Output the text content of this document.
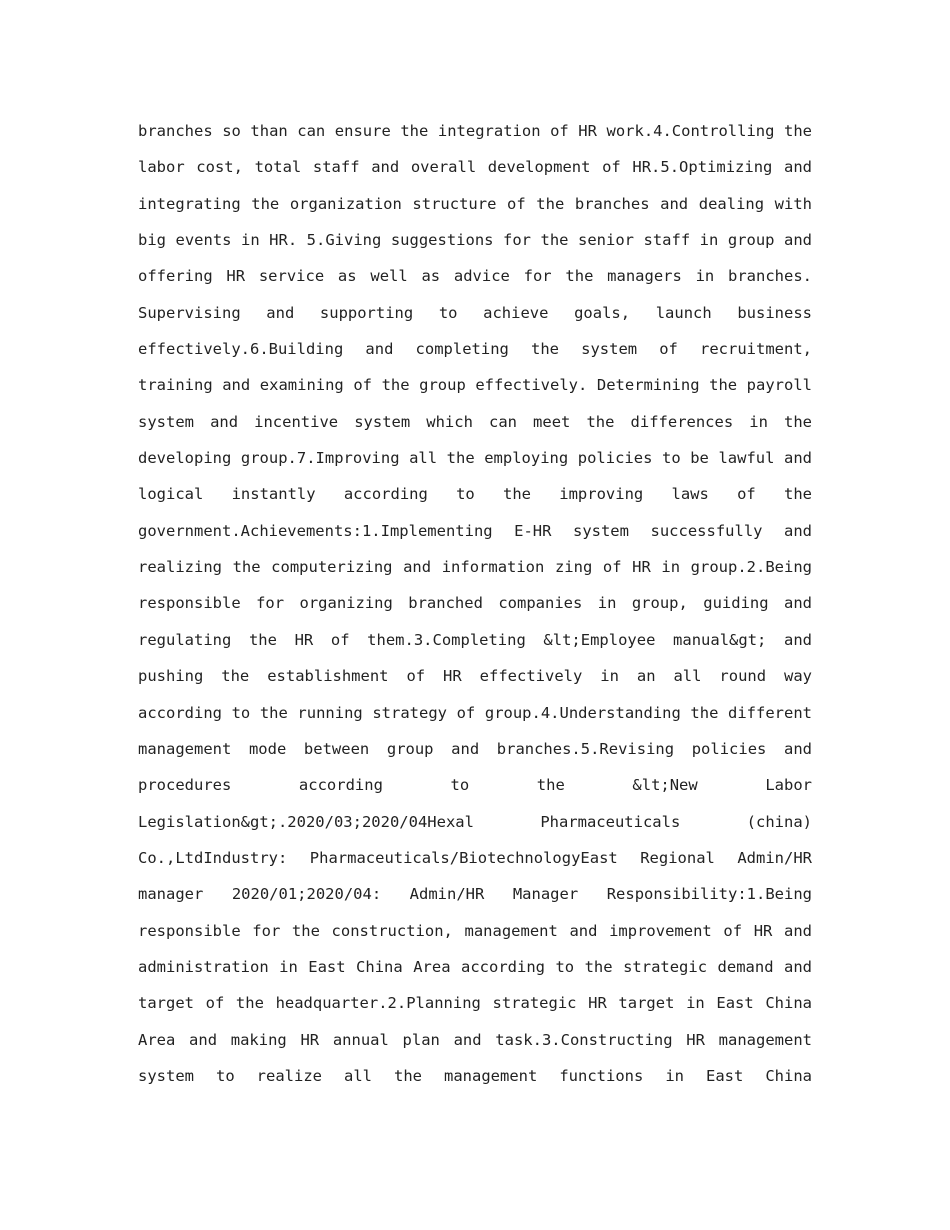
branches so than can ensure the integration of HR work.4.Controlling the
labor cost, total staff and overall development of HR.5.Optimizing and
integrating the organization structure of the branches and dealing with
big events in HR. 5.Giving suggestions for the senior staff in group and
offering HR service as well as advice for the managers in branches.
Supervising and supporting to achieve goals, launch business
effectively.6.Building and completing the system of recruitment,
training and examining of the group effectively. Determining the payroll
system and incentive system which can meet the differences in the
developing group.7.Improving all the employing policies to be lawful and
logical instantly according to the improving laws of the
government.Achievements:1.Implementing E-HR system successfully and
realizing the computerizing and information zing of HR in group.2.Being
responsible for organizing branched companies in group, guiding and
regulating the HR of them.3.Completing &lt;Employee manual&gt; and
pushing the establishment of HR effectively in an all round way
according to the running strategy of group.4.Understanding the different
management mode between group and branches.5.Revising policies and
procedures according to the &lt;New Labor
Legislation&gt;.2020/03;2020/04Hexal Pharmaceuticals (china)
Co.,LtdIndustry: Pharmaceuticals/BiotechnologyEast Regional Admin/HR
manager 2020/01;2020/04: Admin/HR Manager Responsibility:1.Being
responsible for the construction, management and improvement of HR and
administration in East China Area according to the strategic demand and
target of the headquarter.2.Planning strategic HR target in East China
Area and making HR annual plan and task.3.Constructing HR management
system to realize all the management functions in East China
